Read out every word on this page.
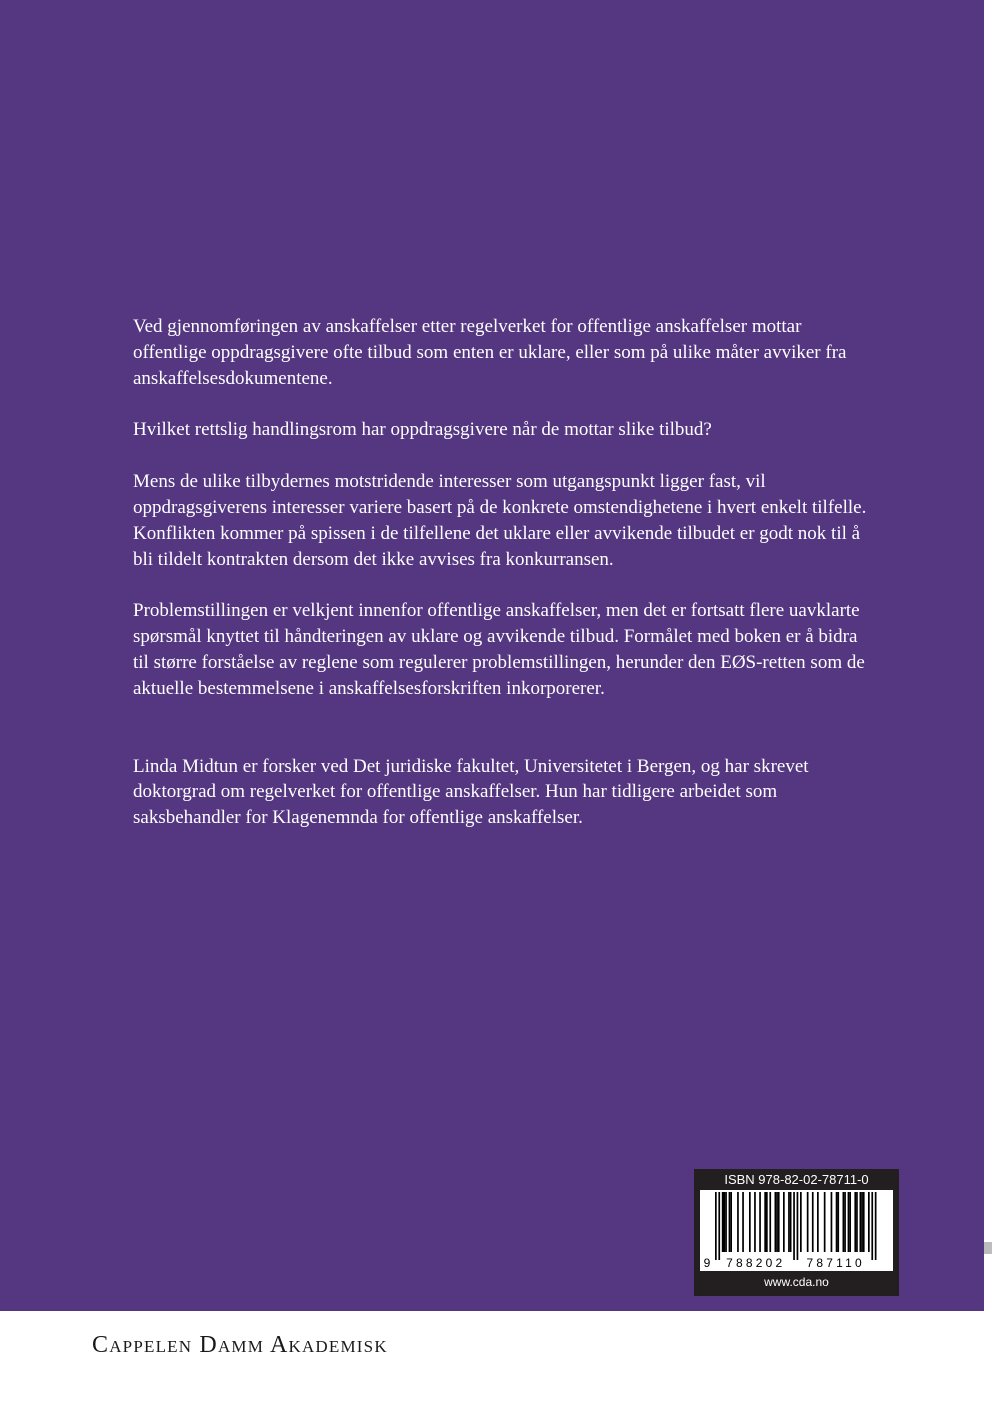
Ved gjennomføringen av anskaffelser etter regelverket for offentlige anskaffelser mottar offentlige oppdragsgivere ofte tilbud som enten er uklare, eller som på ulike måter avviker fra anskaffelsesdokumentene.

Hvilket rettslig handlingsrom har oppdragsgivere når de mottar slike tilbud?

Mens de ulike tilbydernes motstridende interesser som utgangspunkt ligger fast, vil oppdragsgiverens interesser variere basert på de konkrete omstendighetene i hvert enkelt tilfelle. Konflikten kommer på spissen i de tilfellene det uklare eller avvikende tilbudet er godt nok til å bli tildelt kontrakten dersom det ikke avvises fra konkurransen.

Problemstillingen er velkjent innenfor offentlige anskaffelser, men det er fortsatt flere uavklarte spørsmål knyttet til håndteringen av uklare og avvikende tilbud. Formålet med boken er å bidra til større forståelse av reglene som regulerer problemstillingen, herunder den EØS-retten som de aktuelle bestemmelsene i anskaffelsesforskriften inkorporerer.

Linda Midtun er forsker ved Det juridiske fakultet, Universitetet i Bergen, og har skrevet doktorgrad om regelverket for offentlige anskaffelser. Hun har tidligere arbeidet som saksbehandler for Klagenemnda for offentlige anskaffelser.

ISBN 978-82-02-78711-0
9 788202 787110
www.cda.no
Cappelen Damm Akademisk
